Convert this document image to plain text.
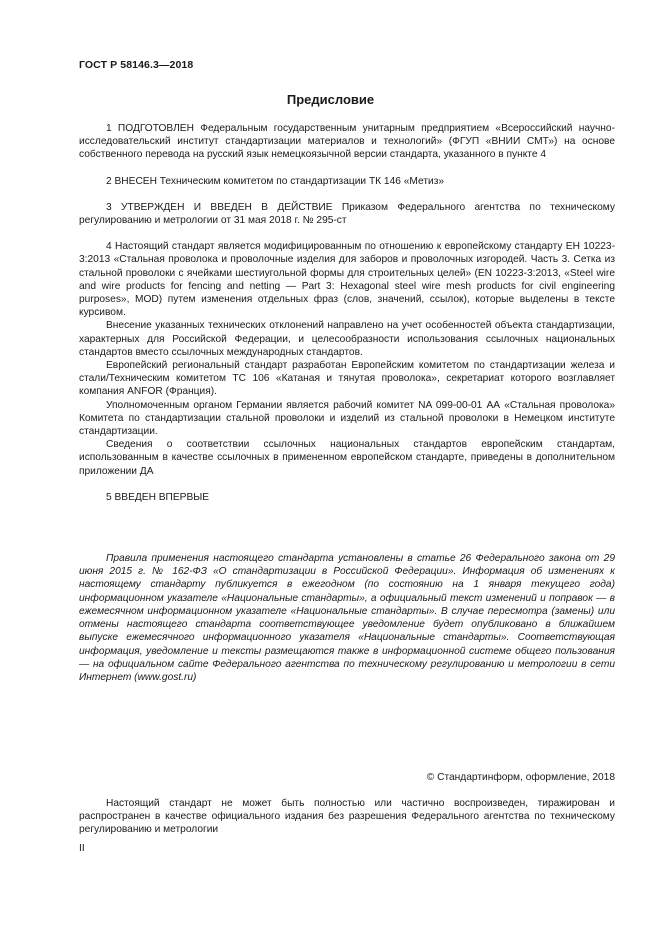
ГОСТ Р 58146.3—2018
Предисловие

1 ПОДГОТОВЛЕН Федеральным государственным унитарным предприятием «Всероссийский научно-исследовательский институт стандартизации материалов и технологий» (ФГУП «ВНИИ СМТ») на основе собственного перевода на русский язык немецкоязычной версии стандарта, указанного в пункте 4

2 ВНЕСЕН Техническим комитетом по стандартизации ТК 146 «Метиз»

3 УТВЕРЖДЕН И ВВЕДЕН В ДЕЙСТВИЕ Приказом Федерального агентства по техническому регулированию и метрологии от 31 мая 2018 г. № 295-ст

4 Настоящий стандарт является модифицированным по отношению к европейскому стандарту ЕН 10223-3:2013 «Стальная проволока и проволочные изделия для заборов и проволочных изгородей. Часть 3. Сетка из стальной проволоки с ячейками шестиугольной формы для строительных целей» (EN 10223-3:2013, «Steel wire and wire products for fencing and netting — Part 3: Hexagonal steel wire mesh products for civil engineering purposes», MOD) путем изменения отдельных фраз (слов, значений, ссылок), которые выделены в тексте курсивом.

Внесение указанных технических отклонений направлено на учет особенностей объекта стандартизации, характерных для Российской Федерации, и целесообразности использования ссылочных национальных стандартов вместо ссылочных международных стандартов.

Европейский региональный стандарт разработан Европейским комитетом по стандартизации железа и стали/Техническим комитетом ТС 106 «Катаная и тянутая проволока», секретариат которого возглавляет компания ANFOR (Франция).

Уполномоченным органом Германии является рабочий комитет NA 099-00-01 АА «Стальная проволока» Комитета по стандартизации стальной проволоки и изделий из стальной проволоки в Немецком институте стандартизации.

Сведения о соответствии ссылочных национальных стандартов европейским стандартам, использованным в качестве ссылочных в примененном европейском стандарте, приведены в дополнительном приложении ДА

5 ВВЕДЕН ВПЕРВЫЕ

Правила применения настоящего стандарта установлены в статье 26 Федерального закона от 29 июня 2015 г. № 162-ФЗ «О стандартизации в Российской Федерации». Информация об изменениях к настоящему стандарту публикуется в ежегодном (по состоянию на 1 января текущего года) информационном указателе «Национальные стандарты», а официальный текст изменений и поправок — в ежемесячном информационном указателе «Национальные стандарты». В случае пересмотра (замены) или отмены настоящего стандарта соответствующее уведомление будет опубликовано в ближайшем выпуске ежемесячного информационного указателя «Национальные стандарты». Соответствующая информация, уведомление и тексты размещаются также в информационной системе общего пользования — на официальном сайте Федерального агентства по техническому регулированию и метрологии в сети Интернет (www.gost.ru)

© Стандартинформ, оформление, 2018

Настоящий стандарт не может быть полностью или частично воспроизведен, тиражирован и распространен в качестве официального издания без разрешения Федерального агентства по техническому регулированию и метрологии

II
